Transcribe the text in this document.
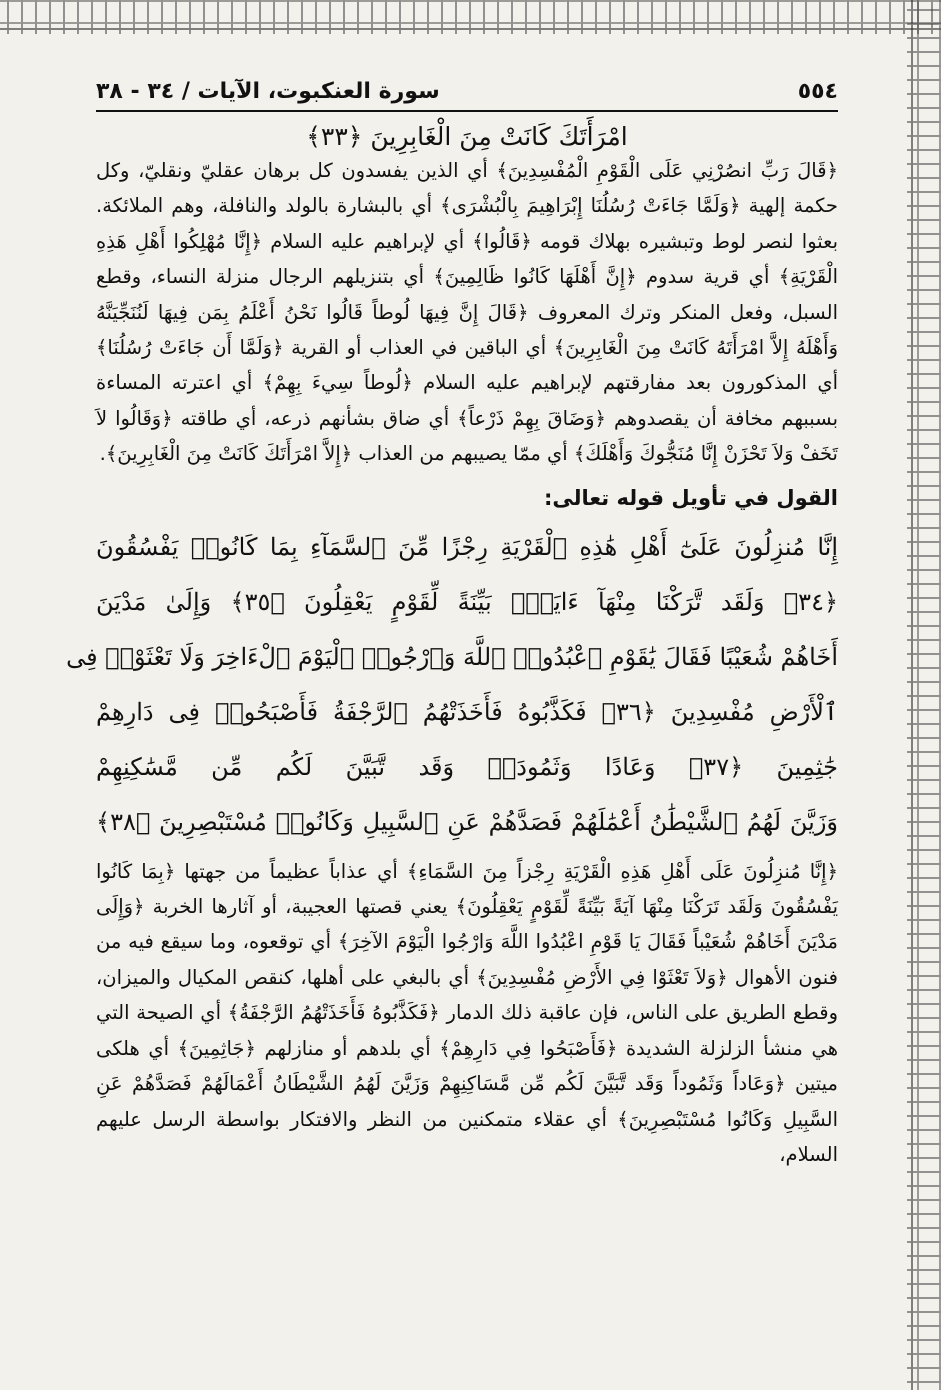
٥٥٤
سورة العنكبوت، الآيات / ٣٤ - ٣٨
امْرَأَتَكَ كَانَتْ مِنَ الْغَابِرِينَ ﴿٣٣﴾

﴿قَالَ رَبِّ انصُرْنِي عَلَى الْقَوْمِ الْمُفْسِدِينَ﴾ أي الذين يفسدون كل برهان عقليّ ونقليّ، وكل حكمة إلهية ﴿وَلَمَّا جَاءَتْ رُسُلُنَا إِبْرَاهِيمَ بِالْبُشْرَى﴾ أي بالبشارة بالولد والنافلة، وهم الملائكة. بعثوا لنصر لوط وتبشيره بهلاك قومه ﴿قَالُوا﴾ أي لإبراهيم عليه السلام ﴿إِنَّا مُهْلِكُوا أَهْلِ هَذِهِ الْقَرْيَةِ﴾ أي قرية سدوم ﴿إِنَّ أَهْلَهَا كَانُوا ظَالِمِينَ﴾ أي بتنزيلهم الرجال منزلة النساء، وقطع السبل، وفعل المنكر وترك المعروف ﴿قَالَ إِنَّ فِيهَا لُوطاً قَالُوا نَحْنُ أَعْلَمُ بِمَن فِيهَا لَنُنَجِّيَنَّهُ وَأَهْلَهُ إِلاَّ امْرَأَتَهُ كَانَتْ مِنَ الْغَابِرِينَ﴾ أي الباقين في العذاب أو القرية ﴿وَلَمَّا أَن جَاءَتْ رُسُلُنَا﴾ أي المذكورون بعد مفارقتهم لإبراهيم عليه السلام ﴿لُوطاً سِيءَ بِهِمْ﴾ أي اعترته المساءة بسببهم مخافة أن يقصدوهم ﴿وَضَاقَ بِهِمْ ذَرْعاً﴾ أي ضاق بشأنهم ذرعه، أي طاقته ﴿وَقَالُوا لاَ تَخَفْ وَلاَ تَحْزَنْ إِنَّا مُنَجُّوكَ وَأَهْلَكَ﴾ أي ممّا يصيبهم من العذاب ﴿إِلاَّ امْرَأَتَكَ كَانَتْ مِنَ الْغَابِرِينَ﴾.

القول في تأويل قوله تعالى:
إِنَّا مُنزِلُونَ عَلَىٰٓ أَهْلِ هَٰذِهِ ٱلْقَرْيَةِ رِجْزًا مِّنَ ٱلسَّمَآءِ بِمَا كَانُوا۟ يَفْسُقُونَ
﴿٣٤﴾ وَلَقَد تَّرَكْنَا مِنْهَآ ءَايَةًۢ بَيِّنَةً لِّقَوْمٍ يَعْقِلُونَ ﴿٣٥﴾ وَإِلَىٰ مَدْيَنَ
أَخَاهُمْ شُعَيْبًا فَقَالَ يَٰقَوْمِ ٱعْبُدُوا۟ ٱللَّهَ وَٱرْجُوا۟ ٱلْيَوْمَ ٱلْءَاخِرَ وَلَا تَعْثَوْا۟ فِى
ٱلْأَرْضِ مُفْسِدِينَ ﴿٣٦﴾ فَكَذَّبُوهُ فَأَخَذَتْهُمُ ٱلرَّجْفَةُ فَأَصْبَحُوا۟ فِى دَارِهِمْ
جَٰثِمِينَ ﴿٣٧﴾ وَعَادًا وَثَمُودَا۟ وَقَد تَّبَيَّنَ لَكُم مِّن مَّسَٰكِنِهِمْ
وَزَيَّنَ لَهُمُ ٱلشَّيْطَٰنُ أَعْمَٰلَهُمْ فَصَدَّهُمْ عَنِ ٱلسَّبِيلِ وَكَانُوا۟ مُسْتَبْصِرِينَ ﴿٣٨﴾

﴿إِنَّا مُنزِلُونَ عَلَى أَهْلِ هَذِهِ الْقَرْيَةِ رِجْزاً مِنَ السَّمَاءِ﴾ أي عذاباً عظيماً من جهتها ﴿بِمَا كَانُوا يَفْسُقُونَ وَلَقَد تَرَكْنَا مِنْهَا آيَةً بَيِّنَةً لِّقَوْمٍ يَعْقِلُونَ﴾ يعني قصتها العجيبة، أو آثارها الخربة ﴿وَإِلَى مَدْيَنَ أَخَاهُمْ شُعَيْباً فَقَالَ يَا قَوْمِ اعْبُدُوا اللَّهَ وَارْجُوا الْيَوْمَ الآخِرَ﴾ أي توقعوه، وما سيقع فيه من فنون الأهوال ﴿وَلاَ تَعْثَوْا فِي الأَرْضِ مُفْسِدِينَ﴾ أي بالبغي على أهلها، كنقص المكيال والميزان، وقطع الطريق على الناس، فإن عاقبة ذلك الدمار ﴿فَكَذَّبُوهُ فَأَخَذَتْهُمُ الرَّجْفَةُ﴾ أي الصيحة التي هي منشأ الزلزلة الشديدة ﴿فَأَصْبَحُوا فِي دَارِهِمْ﴾ أي بلدهم أو منازلهم ﴿جَاثِمِينَ﴾ أي هلكى ميتين ﴿وَعَاداً وَثَمُوداً وَقَد تَّبَيَّنَ لَكُم مِّن مَّسَاكِنِهِمْ وَزَيَّنَ لَهُمُ الشَّيْطَانُ أَعْمَالَهُمْ فَصَدَّهُمْ عَنِ السَّبِيلِ وَكَانُوا مُسْتَبْصِرِينَ﴾ أي عقلاء متمكنين من النظر والافتكار بواسطة الرسل عليهم السلام،
